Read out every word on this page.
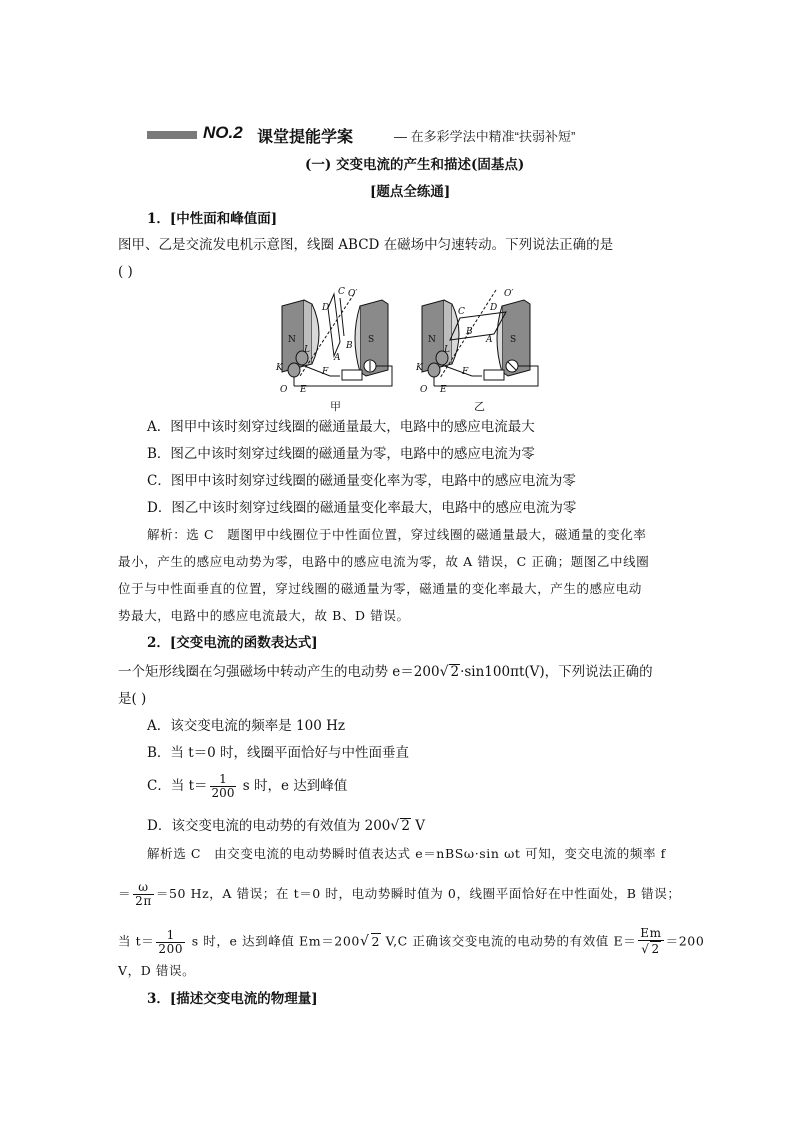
NO.2 课堂提能学案	— 在多彩学法中精准“扶弱补短”
(一) 交变电流的产生和描述(固基点)
[题点全练通]
1．[中性面和峰值面]
图甲、乙是交流发电机示意图，线圈 ABCD 在磁场中匀速转动。下列说法正确的是
( )
N	S
C
D
O′
B
A
L
K
O E
F
甲
N	S
C	D
O′
B
A
L
K
O E
F
乙
A．图甲中该时刻穿过线圈的磁通量最大，电路中的感应电流最大
B．图乙中该时刻穿过线圈的磁通量为零，电路中的感应电流为零
C．图甲中该时刻穿过线圈的磁通量变化率为零，电路中的感应电流为零
D．图乙中该时刻穿过线圈的磁通量变化率最大，电路中的感应电流为零
解析：选 C　题图甲中线圈位于中性面位置，穿过线圈的磁通量最大，磁通量的变化率
最小，产生的感应电动势为零，电路中的感应电流为零，故 A 错误，C 正确；题图乙中线圈
位于与中性面垂直的位置，穿过线圈的磁通量为零，磁通量的变化率最大，产生的感应电动
势最大，电路中的感应电流最大，故 B、D 错误。
2．[交变电流的函数表达式]
一个矩形线圈在匀强磁场中转动产生的电动势 e＝200√ 2·sin100πt(V)，下列说法正确的
是( )
A．该交变电流的频率是 100 Hz
B．当 t＝0 时，线圈平面恰好与中性面垂直
C．当 $t= \frac{1}{200}$ s 时，e 达到峰值
D．该交变电流的电动势的有效值为 200√ 2 V
解析选 C　由交变电流的电动势瞬时值表达式 e＝nBSω·sin ωt 可知，变交电流的频率 f
＝ $\frac{\omega}{2\pi} =50$ Hz，A 错误；在 t＝0 时，电动势瞬时值为 0，线圈平面恰好在中性面处，B 错误；
当 $t= \frac{1}{200}$ s 时，e 达到峰值 Em＝200√ 2 V,C 正确该交变电流的电动势的有效值 $E= \frac{Em}{√ 2} =200$
V，D 错误。
3．[描述交变电流的物理量]
